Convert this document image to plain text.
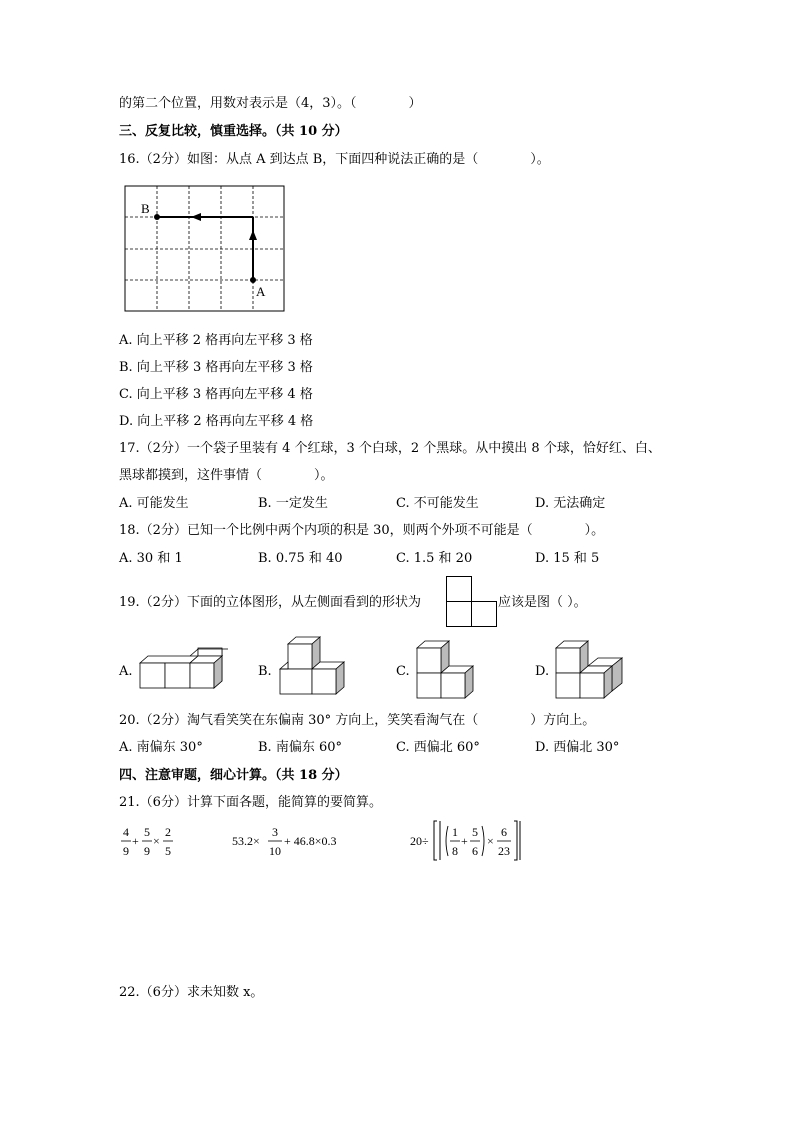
的第二个位置，用数对表示是（4，3）。（　　　　）
三、反复比较，慎重选择。（共 10 分）
16.（2分）如图：从点 A 到达点 B，下面四种说法正确的是（　　　　）。
A
B
A. 向上平移 2 格再向左平移 3 格
B. 向上平移 3 格再向左平移 3 格
C. 向上平移 3 格再向左平移 4 格
D. 向上平移 2 格再向左平移 4 格
17.（2分）一个袋子里装有 4 个红球，3 个白球，2 个黑球。从中摸出 8 个球，恰好红、白、
黑球都摸到，这件事情（　　　　）。
A. 可能发生	B. 一定发生	C. 不可能发生	D. 无法确定
18.（2分）已知一个比例中两个内项的积是 30，则两个外项不可能是（　　　　）。
A. 30 和 1	B. 0.75 和 40	C. 1.5 和 20	D. 15 和 5
19.（2分）下面的立体图形，从左侧面看到的形状为	应该是图（ ）。
A.	B.	C.	D.
20.（2分）淘气看笑笑在东偏南 30° 方向上，笑笑看淘气在（　　　　）方向上。
A. 南偏东 30°	B. 南偏东 60°	C. 西偏北 60°	D. 西偏北 30°
四、注意审题，细心计算。（共 18 分）
21.（6分）计算下面各题，能简算的要简算。
4
9
+
5
9
×
2
5
53.2×
3
10
+ 46.8×0.3	20÷
1
8
+
5
6
×
6
23
22.（6分）求未知数 x。
